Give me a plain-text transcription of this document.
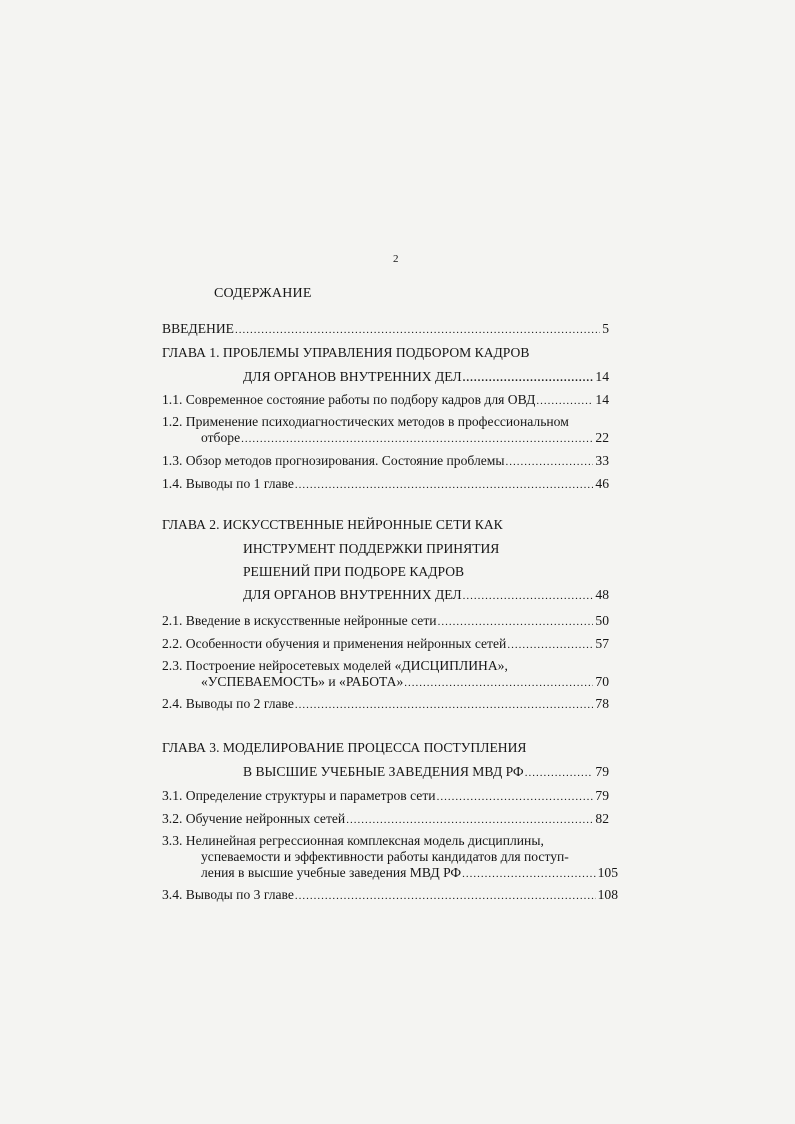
2
СОДЕРЖАНИЕ
ВВЕДЕНИЕ .....	5
ГЛАВА 1. ПРОБЛЕМЫ УПРАВЛЕНИЯ ПОДБОРОМ КАДРОВ
ДЛЯ ОРГАНОВ ВНУТРЕННИХ ДЕЛ .....	14
1.1. Современное состояние работы по подбору кадров для ОВД .....	14
1.2. Применение психодиагностических методов в профессиональном
отборе .....	22
1.3. Обзор методов прогнозирования. Состояние проблемы .....	33
1.4. Выводы по 1 главе .....	46
ГЛАВА 2. ИСКУССТВЕННЫЕ НЕЙРОННЫЕ СЕТИ КАК
ИНСТРУМЕНТ ПОДДЕРЖКИ ПРИНЯТИЯ
РЕШЕНИЙ ПРИ ПОДБОРЕ КАДРОВ
ДЛЯ ОРГАНОВ ВНУТРЕННИХ ДЕЛ .....	48
2.1. Введение в искусственные нейронные сети .....	50
2.2. Особенности обучения и применения нейронных сетей .....	57
2.3. Построение нейросетевых моделей «ДИСЦИПЛИНА»,
«УСПЕВАЕМОСТЬ» и «РАБОТА» .....	70
2.4. Выводы по 2 главе .....	78
ГЛАВА 3. МОДЕЛИРОВАНИЕ ПРОЦЕССА ПОСТУПЛЕНИЯ
В ВЫСШИЕ УЧЕБНЫЕ ЗАВЕДЕНИЯ МВД РФ .....	79
3.1. Определение структуры и параметров сети .....	79
3.2. Обучение нейронных сетей .....	82
3.3. Нелинейная регрессионная комплексная модель дисциплины,
успеваемости и эффективности работы кандидатов для поступ-
ления в высшие учебные заведения МВД РФ .....	105
3.4. Выводы по 3 главе .....	108
